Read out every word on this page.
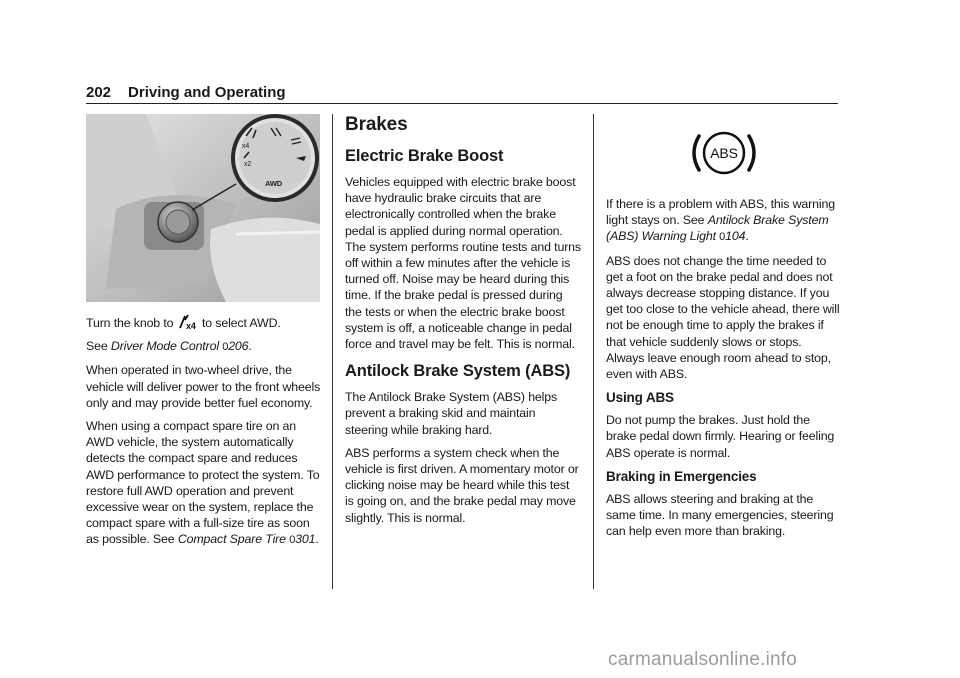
202 Driving and Operating
x4
x2
AWD

Turn the knob to x4 to select AWD.

See Driver Mode Control 0206.

When operated in two-wheel drive, the vehicle will deliver power to the front wheels only and may provide better fuel economy.

When using a compact spare tire on an AWD vehicle, the system automatically detects the compact spare and reduces AWD performance to protect the system. To restore full AWD operation and prevent excessive wear on the system, replace the compact spare with a full-size tire as soon as possible. See Compact Spare Tire 0301.

Brakes
Electric Brake Boost

Vehicles equipped with electric brake boost have hydraulic brake circuits that are electronically controlled when the brake pedal is applied during normal operation. The system performs routine tests and turns off within a few minutes after the vehicle is turned off. Noise may be heard during this time. If the brake pedal is pressed during the tests or when the electric brake boost system is off, a noticeable change in pedal force and travel may be felt. This is normal.

Antilock Brake System (ABS)

The Antilock Brake System (ABS) helps prevent a braking skid and maintain steering while braking hard.

ABS performs a system check when the vehicle is first driven. A momentary motor or clicking noise may be heard while this test is going on, and the brake pedal may move slightly. This is normal.

ABS

If there is a problem with ABS, this warning light stays on. See Antilock Brake System (ABS) Warning Light 0104.

ABS does not change the time needed to get a foot on the brake pedal and does not always decrease stopping distance. If you get too close to the vehicle ahead, there will not be enough time to apply the brakes if that vehicle suddenly slows or stops. Always leave enough room ahead to stop, even with ABS.

Using ABS

Do not pump the brakes. Just hold the brake pedal down firmly. Hearing or feeling ABS operate is normal.

Braking in Emergencies

ABS allows steering and braking at the same time. In many emergencies, steering can help even more than braking.

carmanualsonline.info
